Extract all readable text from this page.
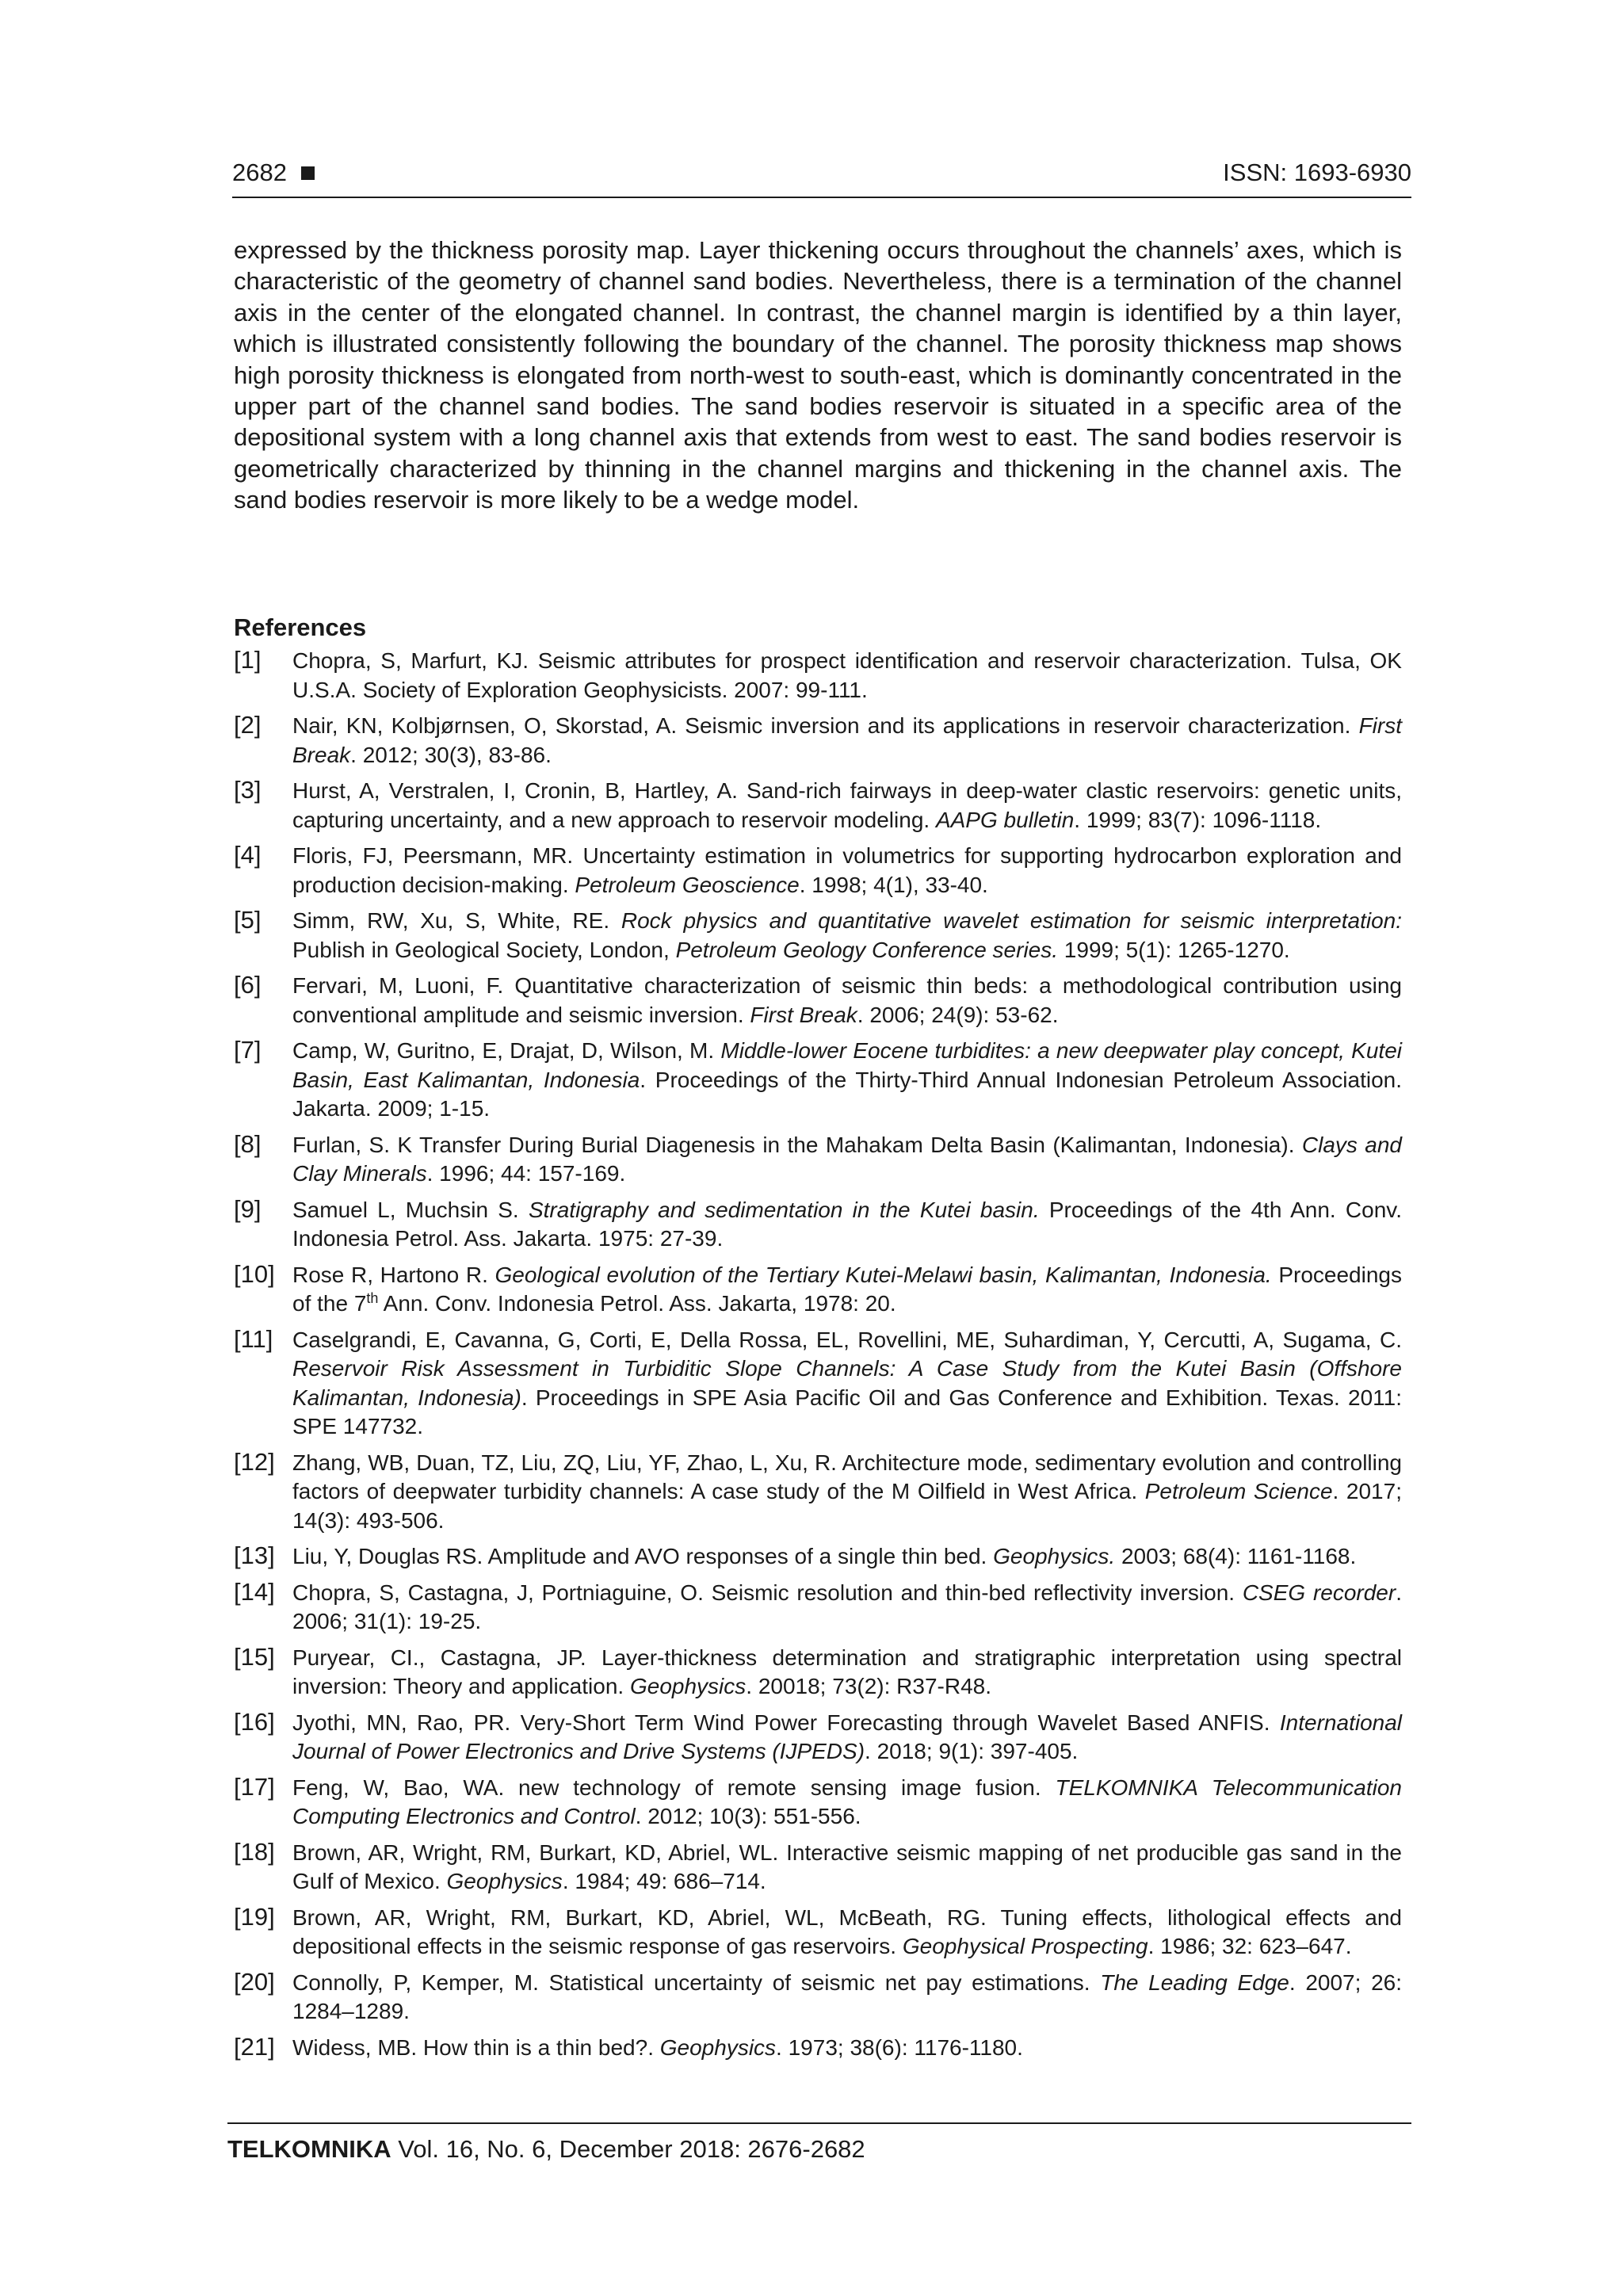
2682	ISSN: 1693-6930

expressed by the thickness porosity map. Layer thickening occurs throughout the channels’ axes, which is characteristic of the geometry of channel sand bodies. Nevertheless, there is a termination of the channel axis in the center of the elongated channel. In contrast, the channel margin is identified by a thin layer, which is illustrated consistently following the boundary of the channel. The porosity thickness map shows high porosity thickness is elongated from north-west to south-east, which is dominantly concentrated in the upper part of the channel sand bodies. The sand bodies reservoir is situated in a specific area of the depositional system with a long channel axis that extends from west to east. The sand bodies reservoir is geometrically characterized by thinning in the channel margins and thickening in the channel axis. The sand bodies reservoir is more likely to be a wedge model.

References
[1] Chopra, S, Marfurt, KJ. Seismic attributes for prospect identification and reservoir characterization. Tulsa, OK U.S.A. Society of Exploration Geophysicists. 2007: 99-111.
[2] Nair, KN, Kolbjørnsen, O, Skorstad, A. Seismic inversion and its applications in reservoir characterization. First Break. 2012; 30(3), 83-86.
[3] Hurst, A, Verstralen, I, Cronin, B, Hartley, A. Sand-rich fairways in deep-water clastic reservoirs: genetic units, capturing uncertainty, and a new approach to reservoir modeling. AAPG bulletin. 1999; 83(7): 1096-1118.
[4] Floris, FJ, Peersmann, MR. Uncertainty estimation in volumetrics for supporting hydrocarbon exploration and production decision-making. Petroleum Geoscience. 1998; 4(1), 33-40.
[5] Simm, RW, Xu, S, White, RE. Rock physics and quantitative wavelet estimation for seismic interpretation: Publish in Geological Society, London, Petroleum Geology Conference series. 1999; 5(1): 1265-1270.
[6] Fervari, M, Luoni, F. Quantitative characterization of seismic thin beds: a methodological contribution using conventional amplitude and seismic inversion. First Break. 2006; 24(9): 53-62.
[7] Camp, W, Guritno, E, Drajat, D, Wilson, M. Middle-lower Eocene turbidites: a new deepwater play concept, Kutei Basin, East Kalimantan, Indonesia. Proceedings of the Thirty-Third Annual Indonesian Petroleum Association. Jakarta. 2009; 1-15.
[8] Furlan, S. K Transfer During Burial Diagenesis in the Mahakam Delta Basin (Kalimantan, Indonesia). Clays and Clay Minerals. 1996; 44: 157-169.
[9] Samuel L, Muchsin S. Stratigraphy and sedimentation in the Kutei basin. Proceedings of the 4th Ann. Conv. Indonesia Petrol. Ass. Jakarta. 1975: 27-39.
[10] Rose R, Hartono R. Geological evolution of the Tertiary Kutei-Melawi basin, Kalimantan, Indonesia. Proceedings of the 7th Ann. Conv. Indonesia Petrol. Ass. Jakarta, 1978: 20.
[11] Caselgrandi, E, Cavanna, G, Corti, E, Della Rossa, EL, Rovellini, ME, Suhardiman, Y, Cercutti, A, Sugama, C. Reservoir Risk Assessment in Turbiditic Slope Channels: A Case Study from the Kutei Basin (Offshore Kalimantan, Indonesia). Proceedings in SPE Asia Pacific Oil and Gas Conference and Exhibition. Texas. 2011: SPE 147732.
[12] Zhang, WB, Duan, TZ, Liu, ZQ, Liu, YF, Zhao, L, Xu, R. Architecture mode, sedimentary evolution and controlling factors of deepwater turbidity channels: A case study of the M Oilfield in West Africa. Petroleum Science. 2017; 14(3): 493-506.
[13] Liu, Y, Douglas RS. Amplitude and AVO responses of a single thin bed. Geophysics. 2003; 68(4): 1161-1168.
[14] Chopra, S, Castagna, J, Portniaguine, O. Seismic resolution and thin-bed reflectivity inversion. CSEG recorder. 2006; 31(1): 19-25.
[15] Puryear, CI., Castagna, JP. Layer-thickness determination and stratigraphic interpretation using spectral inversion: Theory and application. Geophysics. 20018; 73(2): R37-R48.
[16] Jyothi, MN, Rao, PR. Very-Short Term Wind Power Forecasting through Wavelet Based ANFIS. International Journal of Power Electronics and Drive Systems (IJPEDS). 2018; 9(1): 397-405.
[17] Feng, W, Bao, WA. new technology of remote sensing image fusion. TELKOMNIKA Telecommunication Computing Electronics and Control. 2012; 10(3): 551-556.
[18] Brown, AR, Wright, RM, Burkart, KD, Abriel, WL. Interactive seismic mapping of net producible gas sand in the Gulf of Mexico. Geophysics. 1984; 49: 686–714.
[19] Brown, AR, Wright, RM, Burkart, KD, Abriel, WL, McBeath, RG. Tuning effects, lithological effects and depositional effects in the seismic response of gas reservoirs. Geophysical Prospecting. 1986; 32: 623–647.
[20] Connolly, P, Kemper, M. Statistical uncertainty of seismic net pay estimations. The Leading Edge. 2007; 26: 1284–1289.
[21] Widess, MB. How thin is a thin bed?. Geophysics. 1973; 38(6): 1176-1180.
TELKOMNIKA Vol. 16, No. 6, December 2018: 2676-2682
